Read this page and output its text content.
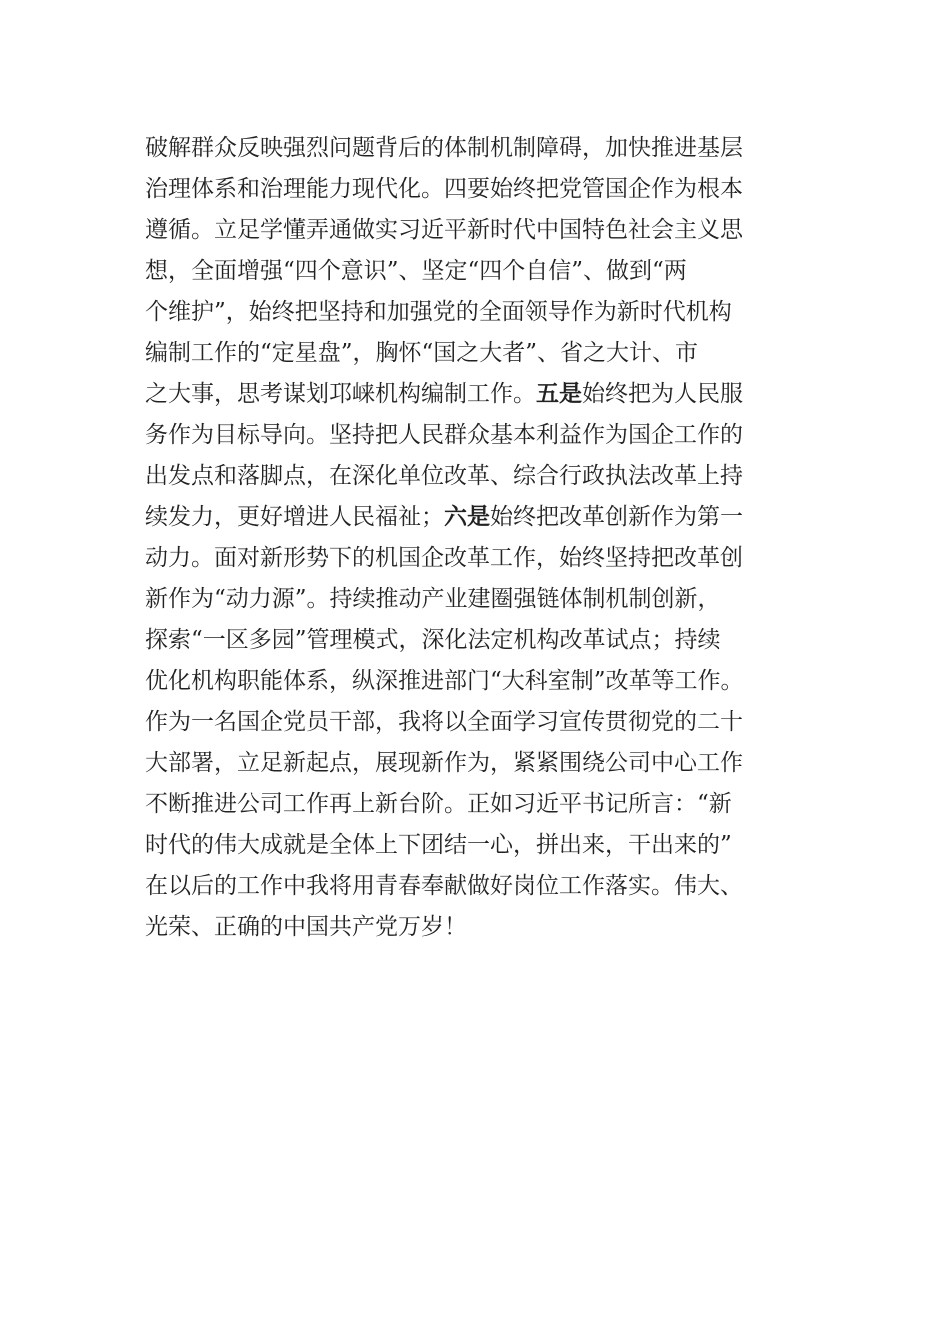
破解群众反映强烈问题背后的体制机制障碍，加快推进基层
治理体系和治理能力现代化。四要始终把党管国企作为根本
遵循。立足学懂弄通做实习近平新时代中国特色社会主义思
想，全面增强“四个意识”、坚定“四个自信”、做到“两
个维护”，始终把坚持和加强党的全面领导作为新时代机构
编制工作的“定星盘”，胸怀“国之大者”、省之大计、市
之大事，思考谋划邛崃机构编制工作。五是始终把为人民服
务作为目标导向。坚持把人民群众基本利益作为国企工作的
出发点和落脚点，在深化单位改革、综合行政执法改革上持
续发力，更好增进人民福祉；六是始终把改革创新作为第一
动力。面对新形势下的机国企改革工作，始终坚持把改革创
新作为“动力源”。持续推动产业建圈强链体制机制创新，
探索“一区多园”管理模式，深化法定机构改革试点；持续
优化机构职能体系，纵深推进部门“大科室制”改革等工作。
作为一名国企党员干部，我将以全面学习宣传贯彻党的二十
大部署，立足新起点，展现新作为，紧紧围绕公司中心工作
不断推进公司工作再上新台阶。正如习近平书记所言：“新
时代的伟大成就是全体上下团结一心，拼出来，干出来的”
在以后的工作中我将用青春奉献做好岗位工作落实。伟大、
光荣、正确的中国共产党万岁！
